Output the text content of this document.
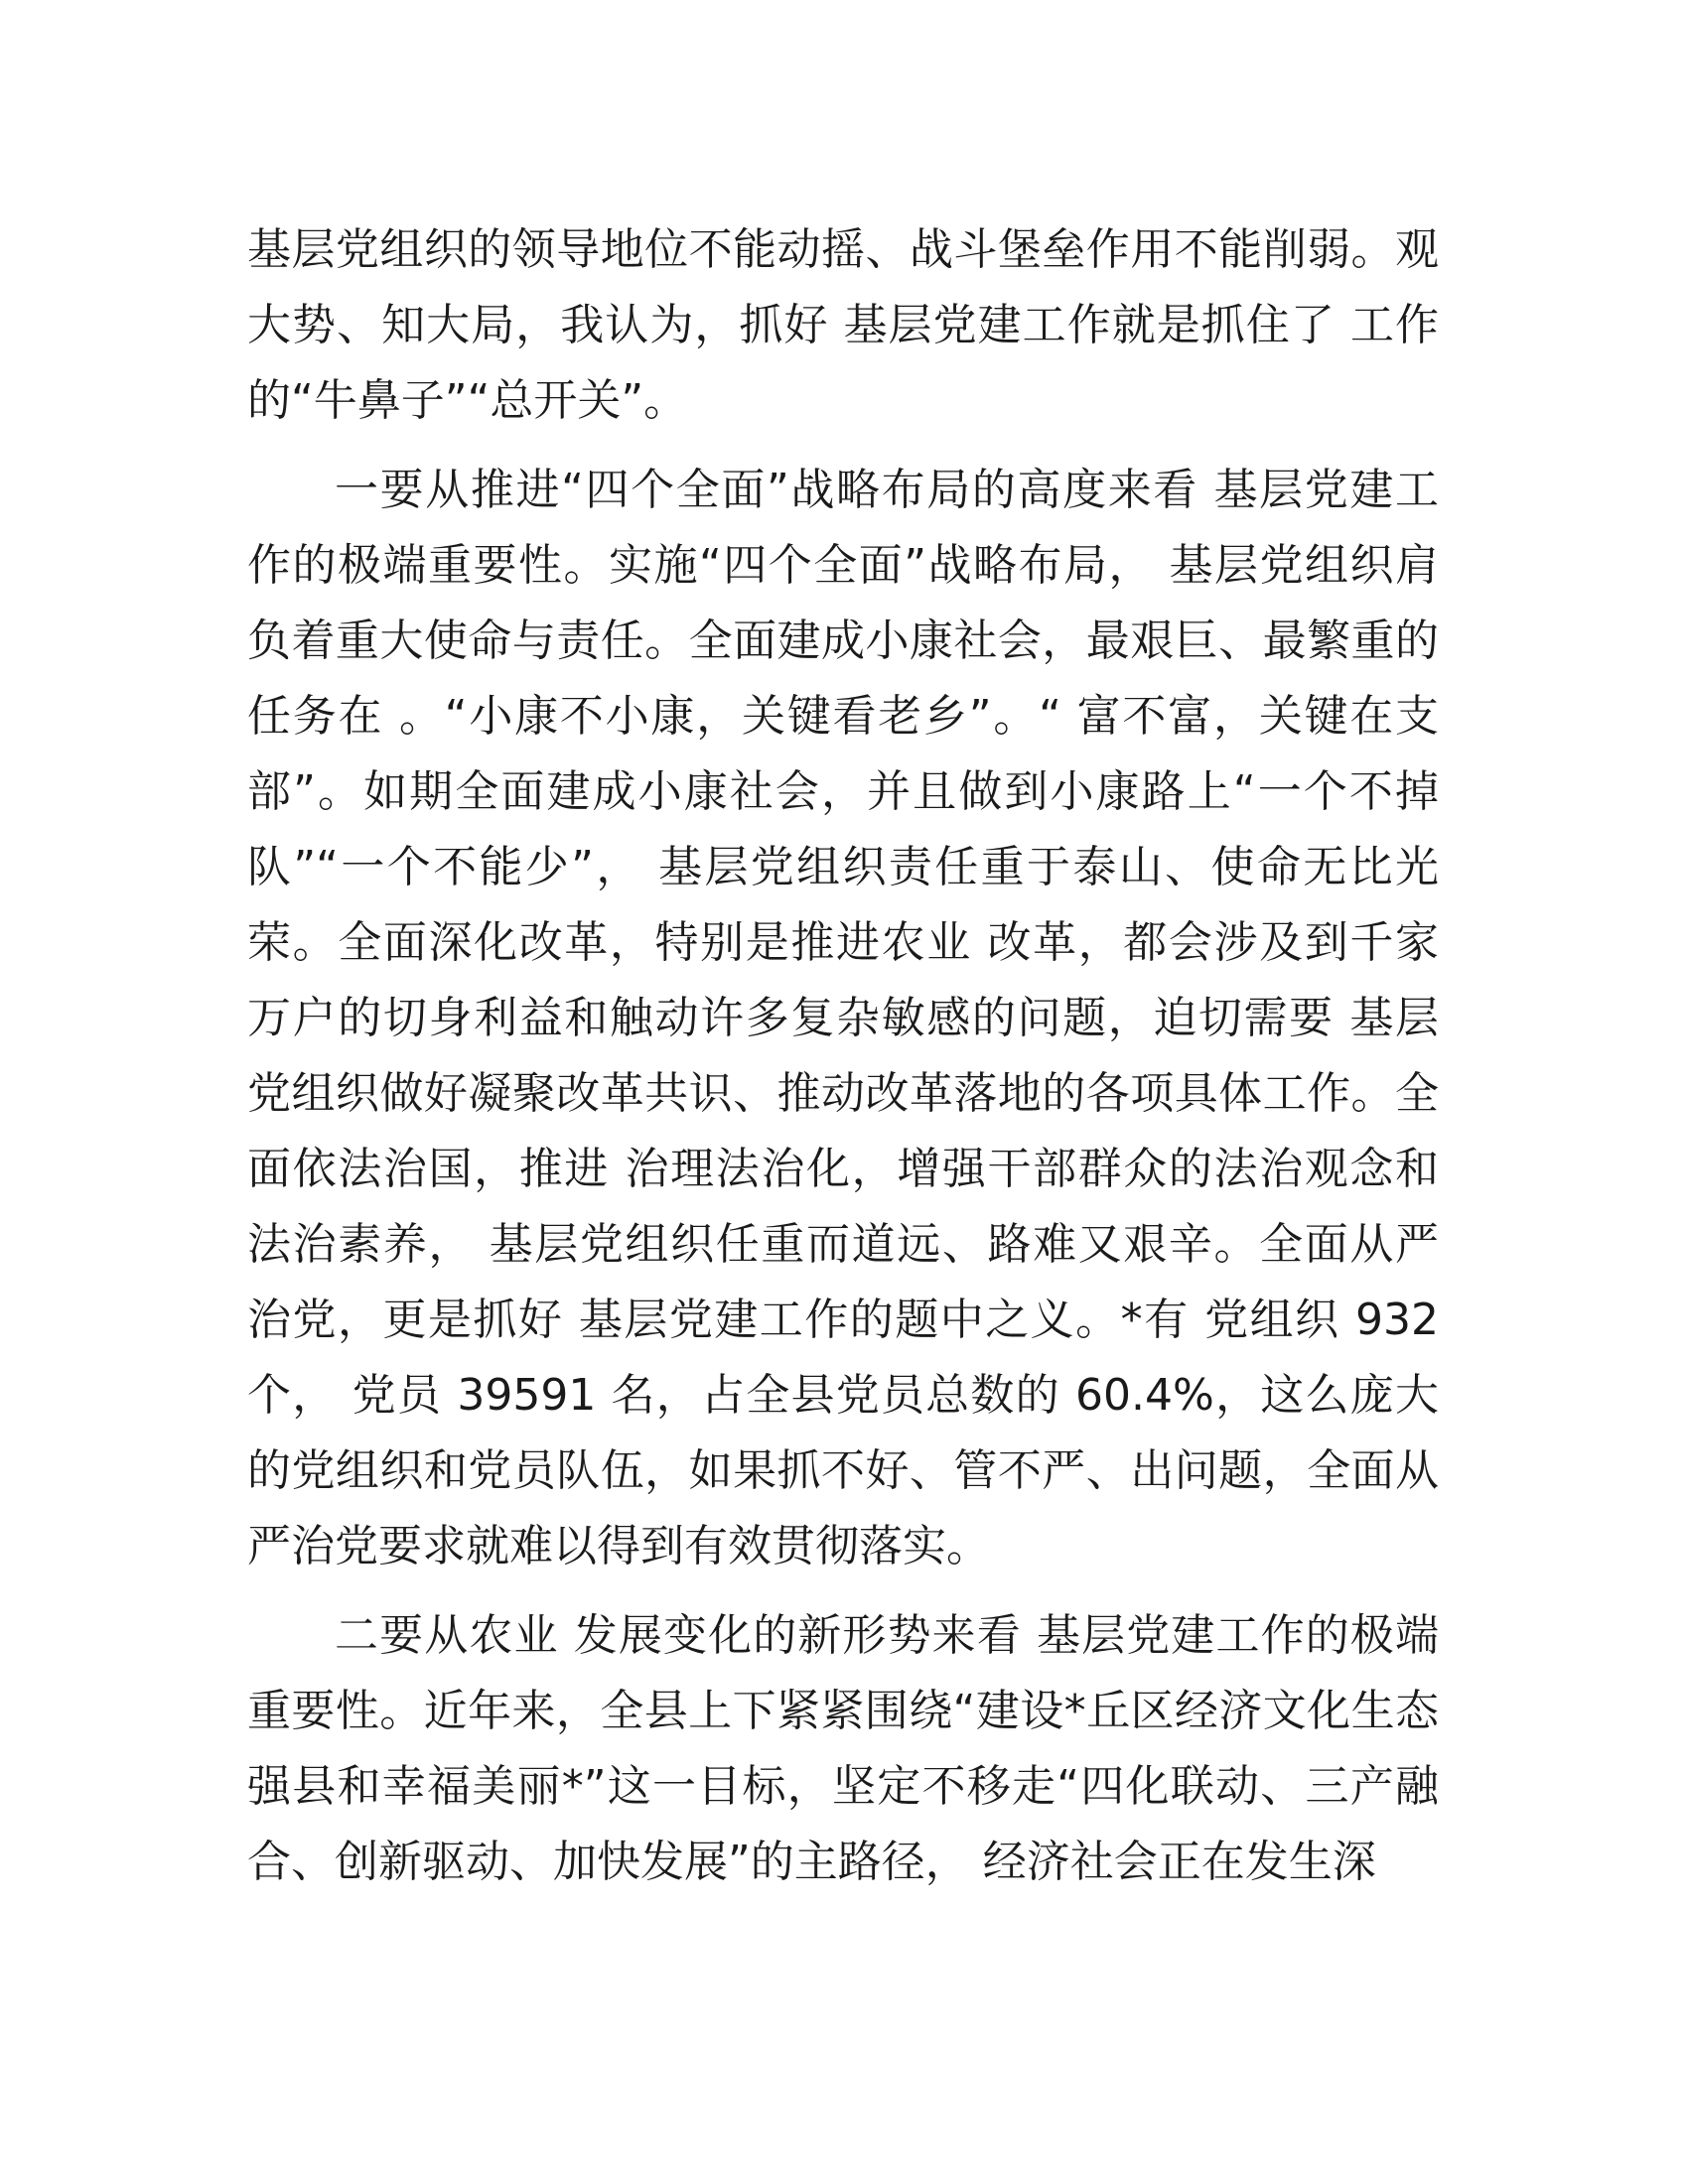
基层党组织的领导地位不能动摇、战斗堡垒作用不能削弱。观大势、知大局，我认为，抓好 基层党建工作就是抓住了 工作的“牛鼻子”“总开关”。

一要从推进“四个全面”战略布局的高度来看 基层党建工作的极端重要性。实施“四个全面”战略布局， 基层党组织肩负着重大使命与责任。全面建成小康社会，最艰巨、最繁重的任务在 。“小康不小康，关键看老乡”。“ 富不富，关键在支部”。如期全面建成小康社会，并且做到小康路上“一个不掉队”“一个不能少”， 基层党组织责任重于泰山、使命无比光荣。全面深化改革，特别是推进农业 改革，都会涉及到千家万户的切身利益和触动许多复杂敏感的问题，迫切需要 基层党组织做好凝聚改革共识、推动改革落地的各项具体工作。全面依法治国，推进 治理法治化，增强干部群众的法治观念和法治素养， 基层党组织任重而道远、路难又艰辛。全面从严治党，更是抓好 基层党建工作的题中之义。*有 党组织 932 个， 党员 39591 名，占全县党员总数的 60.4%，这么庞大的党组织和党员队伍，如果抓不好、管不严、出问题，全面从严治党要求就难以得到有效贯彻落实。

二要从农业 发展变化的新形势来看 基层党建工作的极端重要性。近年来，全县上下紧紧围绕“建设*丘区经济文化生态强县和幸福美丽*”这一目标，坚定不移走“四化联动、三产融合、创新驱动、加快发展”的主路径， 经济社会正在发生深
